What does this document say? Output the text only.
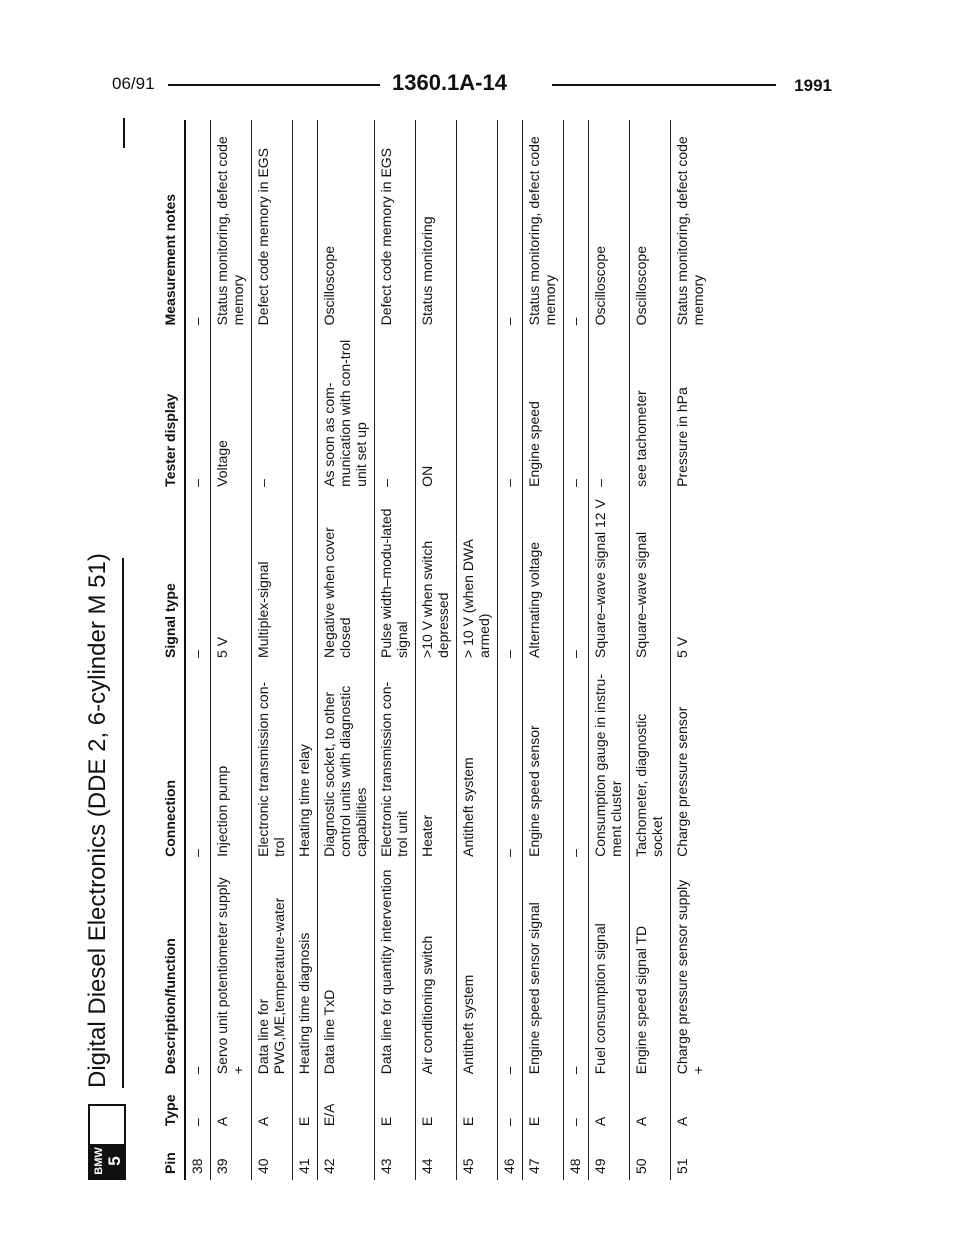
06/91	1360.1A-14	1991
BMW 5
Digital Diesel Electronics (DDE 2, 6-cylinder M 51)
Pin	Type	Description/function	Connection	Signal type	Tester display	Measurement notes
38	–	–	–	–	–	–
39	A	Servo unit potentiometer supply +	Injection pump	5 V	Voltage	Status monitoring, defect code memory
40	A	Data line for PWG,ME,temperature-water	Electronic transmission con-trol	Multiplex-signal	–	Defect code memory in EGS
41	E	Heating time diagnosis	Heating time relay			
42	E/A	Data line TxD	Diagnostic socket, to other control units with diagnostic capabilities	Negative when cover closed	As soon as com-munication with con-trol unit set up	Oscilloscope
43	E	Data line for quantity intervention	Electronic transmission con-trol unit	Pulse width–modu-lated signal	–	Defect code memory in EGS
44	E	Air conditioning switch	Heater	>10 V when switch depressed	ON	Status monitoring
45	E	Antitheft system	Antitheft system	> 10 V (when DWA armed)		
46	–	–	–	–	–	–
47	E	Engine speed sensor signal	Engine speed sensor	Alternating voltage	Engine speed	Status monitoring, defect code memory
48	–	–	–	–	–	–
49	A	Fuel consumption signal	Consumption gauge in instru-ment cluster	Square–wave signal 12 V	–	Oscilloscope
50	A	Engine speed signal TD	Tachometer, diagnostic socket	Square–wave signal	see tachometer	Oscilloscope
51	A	Charge pressure sensor supply +	Charge pressure sensor	5 V	Pressure in hPa	Status monitoring, defect code memory
